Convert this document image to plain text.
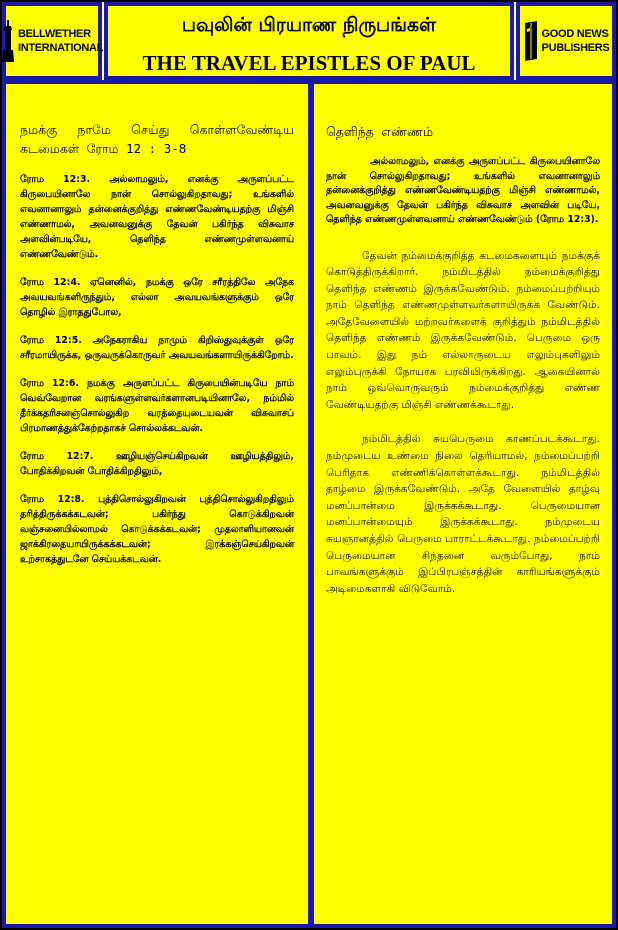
BELLWETHER
INTERNATIONAL
பவுலின் பிரயாண நிருபங்கள்
THE TRAVEL EPISTLES OF PAUL
GOOD NEWS
PUBLISHERS

நமக்கு நாமே செய்து கொள்ளவேண்டிய கடமைகள் ரோம 12 : 3-8

ரோம 12:3. அல்லாமலும், எனக்கு அருளப்பட்ட கிருபையினாலே நான் சொல்லுகிறதாவது; உங்களில் எவனானாலும் தன்னைக்குறித்து எண்ணவேண்டியதற்கு மிஞ்சி எண்ணாமல், அவனவனுக்கு தேவன் பகிர்ந்த விசுவாச அளவின்படியே, தெளிந்த எண்ணமுள்ளவனாய் எண்ணவேண்டும்.

ரோம 12:4. ஏனெனில், நமக்கு ஒரே சரீரத்திலே அநேக அவயவங்களிருந்தும், எல்லா அவயவங்களுக்கும் ஒரே தொழில் இராததுபோல,

ரோம 12:5. அநேகராகிய நாமும் கிறிஸ்துவுக்குள் ஒரே சரீரமாயிருக்க, ஒருவருக்கொருவர் அவயவங்களாயிருக்கிறோம்.

ரோம 12:6. நமக்கு அருளப்பட்ட கிருபையின்படியே நாம் வெவ்வேறான வரங்களுள்ளவர்களானபடியினாலே, நம்மில் தீர்க்கதரிசனஞ்சொல்லுகிற வரத்தையுடையவன் விசுவாசப் பிரமாணத்துக்கேற்றதாகச் சொல்லக்கடவன்.

ரோம 12:7. ஊழியஞ்செய்கிறவன் ஊழியத்திலும், போதிக்கிறவன் போதிக்கிறதிலும்,

ரோம 12:8. புத்திசொல்லுகிறவன் புத்திசொல்லுகிறதிலும் தரித்திருக்கக்கடவன்; பகிர்ந்து கொடுக்கிறவன் வஞ்சனையில்லாமல் கொடுக்கக்கடவன்; முதலாளியானவன் ஜாக்கிரதையாயிருக்கக்கடவன்; இரக்கஞ்செய்கிறவன் உற்சாகத்துடனே செய்யக்கடவன்.

தெளிந்த எண்ணம்

அல்லாமலும், எனக்கு அருளப்பட்ட கிருபையினாலே நான் சொல்லுகிறதாவது; உங்களில் எவனானாலும் தன்னைக்குறித்து எண்ணவேண்டியதற்கு மிஞ்சி எண்ணாமல், அவனவனுக்கு தேவன் பகிர்ந்த விசுவாச அளவின் படியே, தெளிந்த எண்ணமுள்ளவனாய் எண்ணவேண்டும் (ரோம 12:3).

தேவன் நம்மைக்குறித்த கடமைகளையும் நமக்குக் கொடுத்திருக்கிறார். நம்மிடத்தில் நம்மைக்குறித்து தெளிந்த எண்ணம் இருக்கவேண்டும். நம்மைப்பற்றியும் நாம் தெளிந்த எண்ணமுள்ளவர்களாயிருக்க வேண்டும். அதேவேளையில் மற்றவர்களைக் குறித்தும் நம்மிடத்தில் தெளிந்த எண்ணம் இருக்கவேண்டும். பெருமை ஒரு பாவம். இது நம் எல்லாருடைய எலும்புகளிலும் எலும்புருக்கி நோயாக பரவியிருக்கிறது. ஆகையினால் நாம் ஒவ்வொருவரும் நம்மைக்குறித்து எண்ண வேண்டியதற்கு மிஞ்சி எண்ணக்கூடாது.

நம்மிடத்தில் சுயபெருமை காணப்படக்கூடாது. நம்முடைய உண்மை நிலை தெரியாமல், நம்மைப்பற்றி பெரிதாக எண்ணிக்கொள்ளக்கூடாது. நம்மிடத்தில் தாழ்மை இருக்கவேண்டும். அதே வேளையில் தாழ்வு மனப்பான்மை இருக்கக்கூடாது. பெருமையான மனப்பான்மையும் இருக்கக்கூடாது. நம்முடைய சுயஞானத்தில் பெருமை பாராட்டக்கூடாது. நம்மைப்பற்றி பெருமையான சிந்தனை வரும்போது, நாம் பாவங்களுக்கும் இப்பிரபஞ்சத்தின் காரியங்களுக்கும் அடிமைகளாகி விடுவோம்.
